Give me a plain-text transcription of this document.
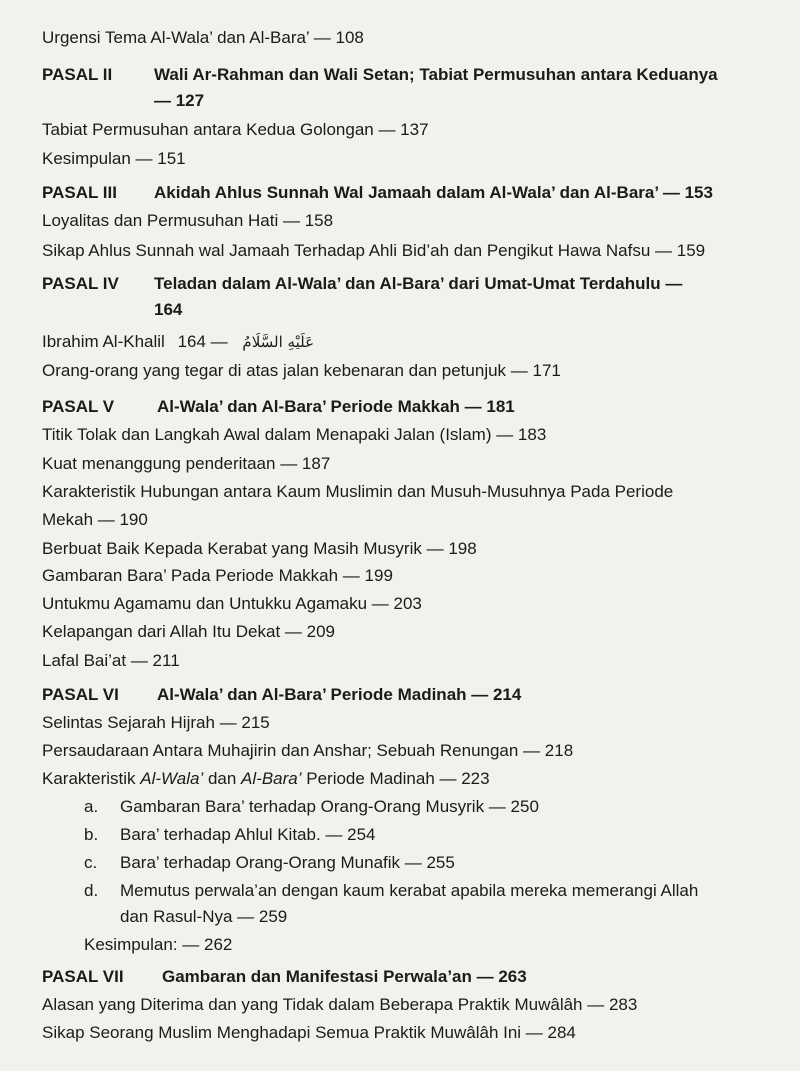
Urgensi Tema Al-Wala’ dan Al-Bara’ — 108
PASAL II Wali Ar-Rahman dan Wali Setan; Tabiat Permusuhan antara Keduanya
— 127
Tabiat Permusuhan antara Kedua Golongan — 137
Kesimpulan — 151
PASAL III Akidah Ahlus Sunnah Wal Jamaah dalam Al-Wala’ dan Al-Bara’ — 153
Loyalitas dan Permusuhan Hati — 158
Sikap Ahlus Sunnah wal Jamaah Terhadap Ahli Bid’ah dan Pengikut Hawa Nafsu — 159
PASAL IV Teladan dalam Al-Wala’ dan Al-Bara’ dari Umat-Umat Terdahulu —
164
Ibrahim Al-Khalil	عَلَيْهِ السَّلَامُ — 164
Orang-orang yang tegar di atas jalan kebenaran dan petunjuk — 171
PASAL V	Al-Wala’ dan Al-Bara’ Periode Makkah — 181
Titik Tolak dan Langkah Awal dalam Menapaki Jalan (Islam) — 183
Kuat menanggung penderitaan — 187
Karakteristik Hubungan antara Kaum Muslimin dan Musuh-Musuhnya Pada Periode
Mekah — 190
Berbuat Baik Kepada Kerabat yang Masih Musyrik — 198
Gambaran Bara’ Pada Periode Makkah — 199
Untukmu Agamamu dan Untukku Agamaku — 203
Kelapangan dari Allah Itu Dekat — 209
Lafal Bai’at — 211
PASAL VI Al-Wala’ dan Al-Bara’ Periode Madinah — 214
Selintas Sejarah Hijrah — 215
Persaudaraan Antara Muhajirin dan Anshar; Sebuah Renungan — 218
Karakteristik Al-Wala’ dan Al-Bara’ Periode Madinah — 223
a. Gambaran Bara’ terhadap Orang-Orang Musyrik — 250
b. Bara’ terhadap Ahlul Kitab. — 254
c. Bara’ terhadap Orang-Orang Munafik — 255
d. Memutus perwala’an dengan kaum kerabat apabila mereka memerangi Allah
dan Rasul-Nya — 259
Kesimpulan: — 262
PASAL VII Gambaran dan Manifestasi Perwala’an — 263
Alasan yang Diterima dan yang Tidak dalam Beberapa Praktik Muwâlâh — 283
Sikap Seorang Muslim Menghadapi Semua Praktik Muwâlâh Ini — 284
